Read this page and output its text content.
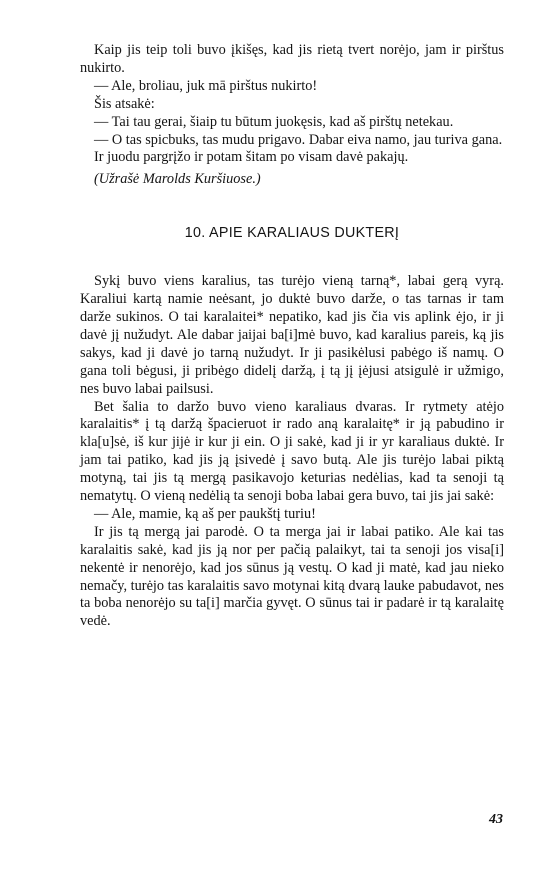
Kaip jis teip toli buvo įkišęs, kad jis rietą tvert norėjo, jam ir pirštus nukirto.

— Ale, broliau, juk mā pirštus nukirto!

Šis atsakė:

— Tai tau gerai, šiaip tu būtum juokęsis, kad aš pirštų netekau.

— O tas spicbuks, tas mudu prigavo. Dabar eiva namo, jau turiva gana.

Ir juodu pargrįžo ir potam šitam po visam davė pakajų.

(Užrašė Marolds Kuršiuose.)

10. APIE KARALIAUS DUKTERĮ

Sykį buvo viens karalius, tas turėjo vieną tarną*, labai gerą vyrą. Karaliui kartą namie neėsant, jo duktė buvo darže, o tas tarnas ir tam darže sukinos. O tai karalaitei* nepatiko, kad jis čia vis aplink ėjo, ir ji davė jį nužudyt. Ale dabar jaijai ba[i]mė buvo, kad karalius pareis, ką jis sakys, kad ji davė jo tarną nužudyt. Ir ji pasikėlusi pabėgo iš namų. O gana toli bėgusi, ji pribėgo didelį daržą, į tą jį įėjusi atsigulė ir užmigo, nes buvo labai pailsusi.

Bet šalia to daržo buvo vieno karaliaus dvaras. Ir rytmety atėjo karalaitis* į tą daržą špacieruot ir rado aną karalaitę* ir ją pabudino ir kla[u]sė, iš kur jijė ir kur ji ein. O ji sakė, kad ji ir yr karaliaus duktė. Ir jam tai patiko, kad jis ją įsivedė į savo butą. Ale jis turėjo labai piktą motyną, tai jis tą mergą pasikavojo keturias nedėlias, kad ta senoji tą nematytų. O vieną nedėlią ta senoji boba labai gera buvo, tai jis jai sakė:

— Ale, mamie, ką aš per paukštį turiu!

Ir jis tą mergą jai parodė. O ta merga jai ir labai patiko. Ale kai tas karalaitis sakė, kad jis ją nor per pačią palaikyt, tai ta senoji jos visa[i] nekentė ir nenorėjo, kad jos sūnus ją vestų. O kad ji matė, kad jau nieko nemačy, turėjo tas karalaitis savo motynai kitą dvarą lauke pabudavot, nes ta boba nenorėjo su ta[i] marčia gyvęt. O sūnus tai ir padarė ir tą karalaitę vedė.

43
